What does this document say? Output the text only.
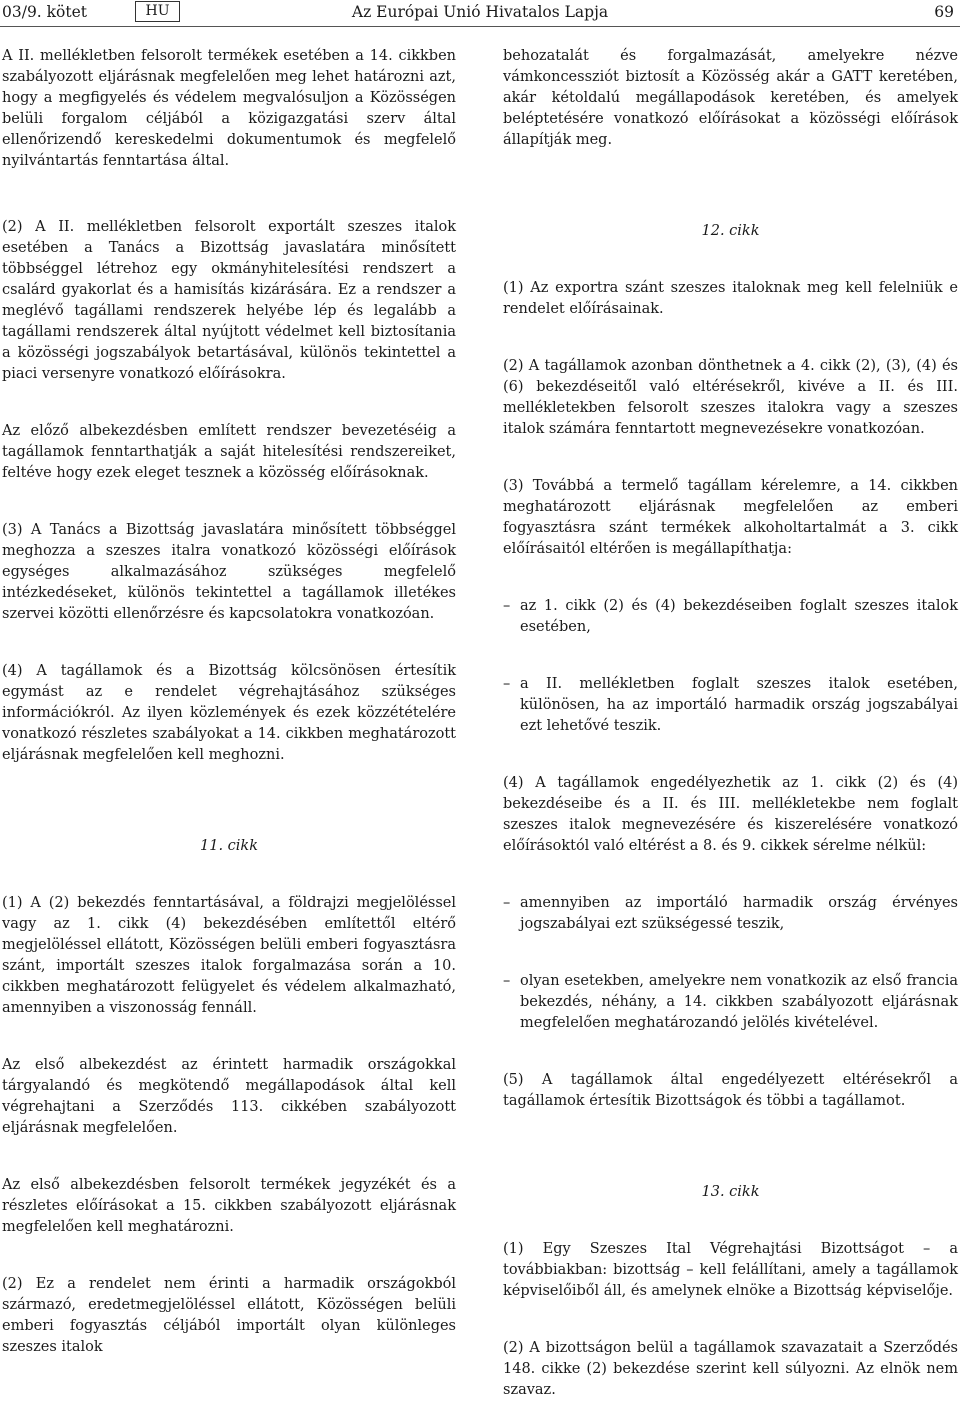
03/9. kötet	HU	Az Európai Unió Hivatalos Lapja	69

A II. mellékletben felsorolt termékek esetében a 14. cikkben szabályozott eljárásnak megfelelően meg lehet határozni azt, hogy a megfigyelés és védelem megvalósuljon a Közösségen belüli forgalom céljából a közigazgatási szerv által ellenőrizendő kereskedelmi dokumentumok és megfelelő nyilvántartás fenntartása által.

(2) A II. mellékletben felsorolt exportált szeszes italok esetében a Tanács a Bizottság javaslatára minősített többséggel létrehoz egy okmányhitelesítési rendszert a csalárd gyakorlat és a hamisítás kizárására. Ez a rendszer a meglévő tagállami rendszerek helyébe lép és legalább a tagállami rendszerek által nyújtott védelmet kell biztosítania a közösségi jogszabályok betartásával, különös tekintettel a piaci versenyre vonatkozó előírásokra.

Az előző albekezdésben említett rendszer bevezetéséig a tagállamok fenntarthatják a saját hitelesítési rendszereiket, feltéve hogy ezek eleget tesznek a közösség előírásoknak.

(3) A Tanács a Bizottság javaslatára minősített többséggel meghozza a szeszes italra vonatkozó közösségi előírások egységes alkalmazásához szükséges megfelelő intézkedéseket, különös tekintettel a tagállamok illetékes szervei közötti ellenőrzésre és kapcsolatokra vonatkozóan.

(4) A tagállamok és a Bizottság kölcsönösen értesítik egymást az e rendelet végrehajtásához szükséges információkról. Az ilyen közlemények és ezek közzétételére vonatkozó részletes szabályokat a 14. cikkben meghatározott eljárásnak megfelelően kell meghozni.

11. cikk

(1) A (2) bekezdés fenntartásával, a földrajzi megjelöléssel vagy az 1. cikk (4) bekezdésében említettől eltérő megjelöléssel ellátott, Közösségen belüli emberi fogyasztásra szánt, importált szeszes italok forgalmazása során a 10. cikkben meghatározott felügyelet és védelem alkalmazható, amennyiben a viszonosság fennáll.

Az első albekezdést az érintett harmadik országokkal tárgyalandó és megkötendő megállapodások által kell végrehajtani a Szerződés 113. cikkében szabályozott eljárásnak megfelelően.

Az első albekezdésben felsorolt termékek jegyzékét és a részletes előírásokat a 15. cikkben szabályozott eljárásnak megfelelően kell meghatározni.

(2) Ez a rendelet nem érinti a harmadik országokból származó, eredetmegjelöléssel ellátott, Közösségen belüli emberi fogyasztás céljából importált olyan különleges szeszes italok

behozatalát és forgalmazását, amelyekre nézve vámkoncessziót biztosít a Közösség akár a GATT keretében, akár kétoldalú megállapodások keretében, és amelyek beléptetésére vonatkozó előírásokat a közösségi előírások állapítják meg.

12. cikk

(1) Az exportra szánt szeszes italoknak meg kell felelniük e rendelet előírásainak.

(2) A tagállamok azonban dönthetnek a 4. cikk (2), (3), (4) és (6) bekezdéseitől való eltérésekről, kivéve a II. és III. mellékletekben felsorolt szeszes italokra vagy a szeszes italok számára fenntartott megnevezésekre vonatkozóan.

(3) Továbbá a termelő tagállam kérelemre, a 14. cikkben meghatározott eljárásnak megfelelően az emberi fogyasztásra szánt termékek alkoholtartalmát a 3. cikk előírásaitól eltérően is megállapíthatja:

– az 1. cikk (2) és (4) bekezdéseiben foglalt szeszes italok esetében,
– a II. mellékletben foglalt szeszes italok esetében, különösen, ha az importáló harmadik ország jogszabályai ezt lehetővé teszik.

(4) A tagállamok engedélyezhetik az 1. cikk (2) és (4) bekezdéseibe és a II. és III. mellékletekbe nem foglalt szeszes italok megnevezésére és kiszerelésére vonatkozó előírásoktól való eltérést a 8. és 9. cikkek sérelme nélkül:

– amennyiben az importáló harmadik ország érvényes jogszabályai ezt szükségessé teszik,
– olyan esetekben, amelyekre nem vonatkozik az első francia bekezdés, néhány, a 14. cikkben szabályozott eljárásnak megfelelően meghatározandó jelölés kivételével.

(5) A tagállamok által engedélyezett eltérésekről a tagállamok értesítik Bizottságok és többi a tagállamot.

13. cikk

(1) Egy Szeszes Ital Végrehajtási Bizottságot – a továbbiakban: bizottság – kell felállítani, amely a tagállamok képviselőiből áll, és amelynek elnöke a Bizottság képviselője.

(2) A bizottságon belül a tagállamok szavazatait a Szerződés 148. cikke (2) bekezdése szerint kell súlyozni. Az elnök nem szavaz.
